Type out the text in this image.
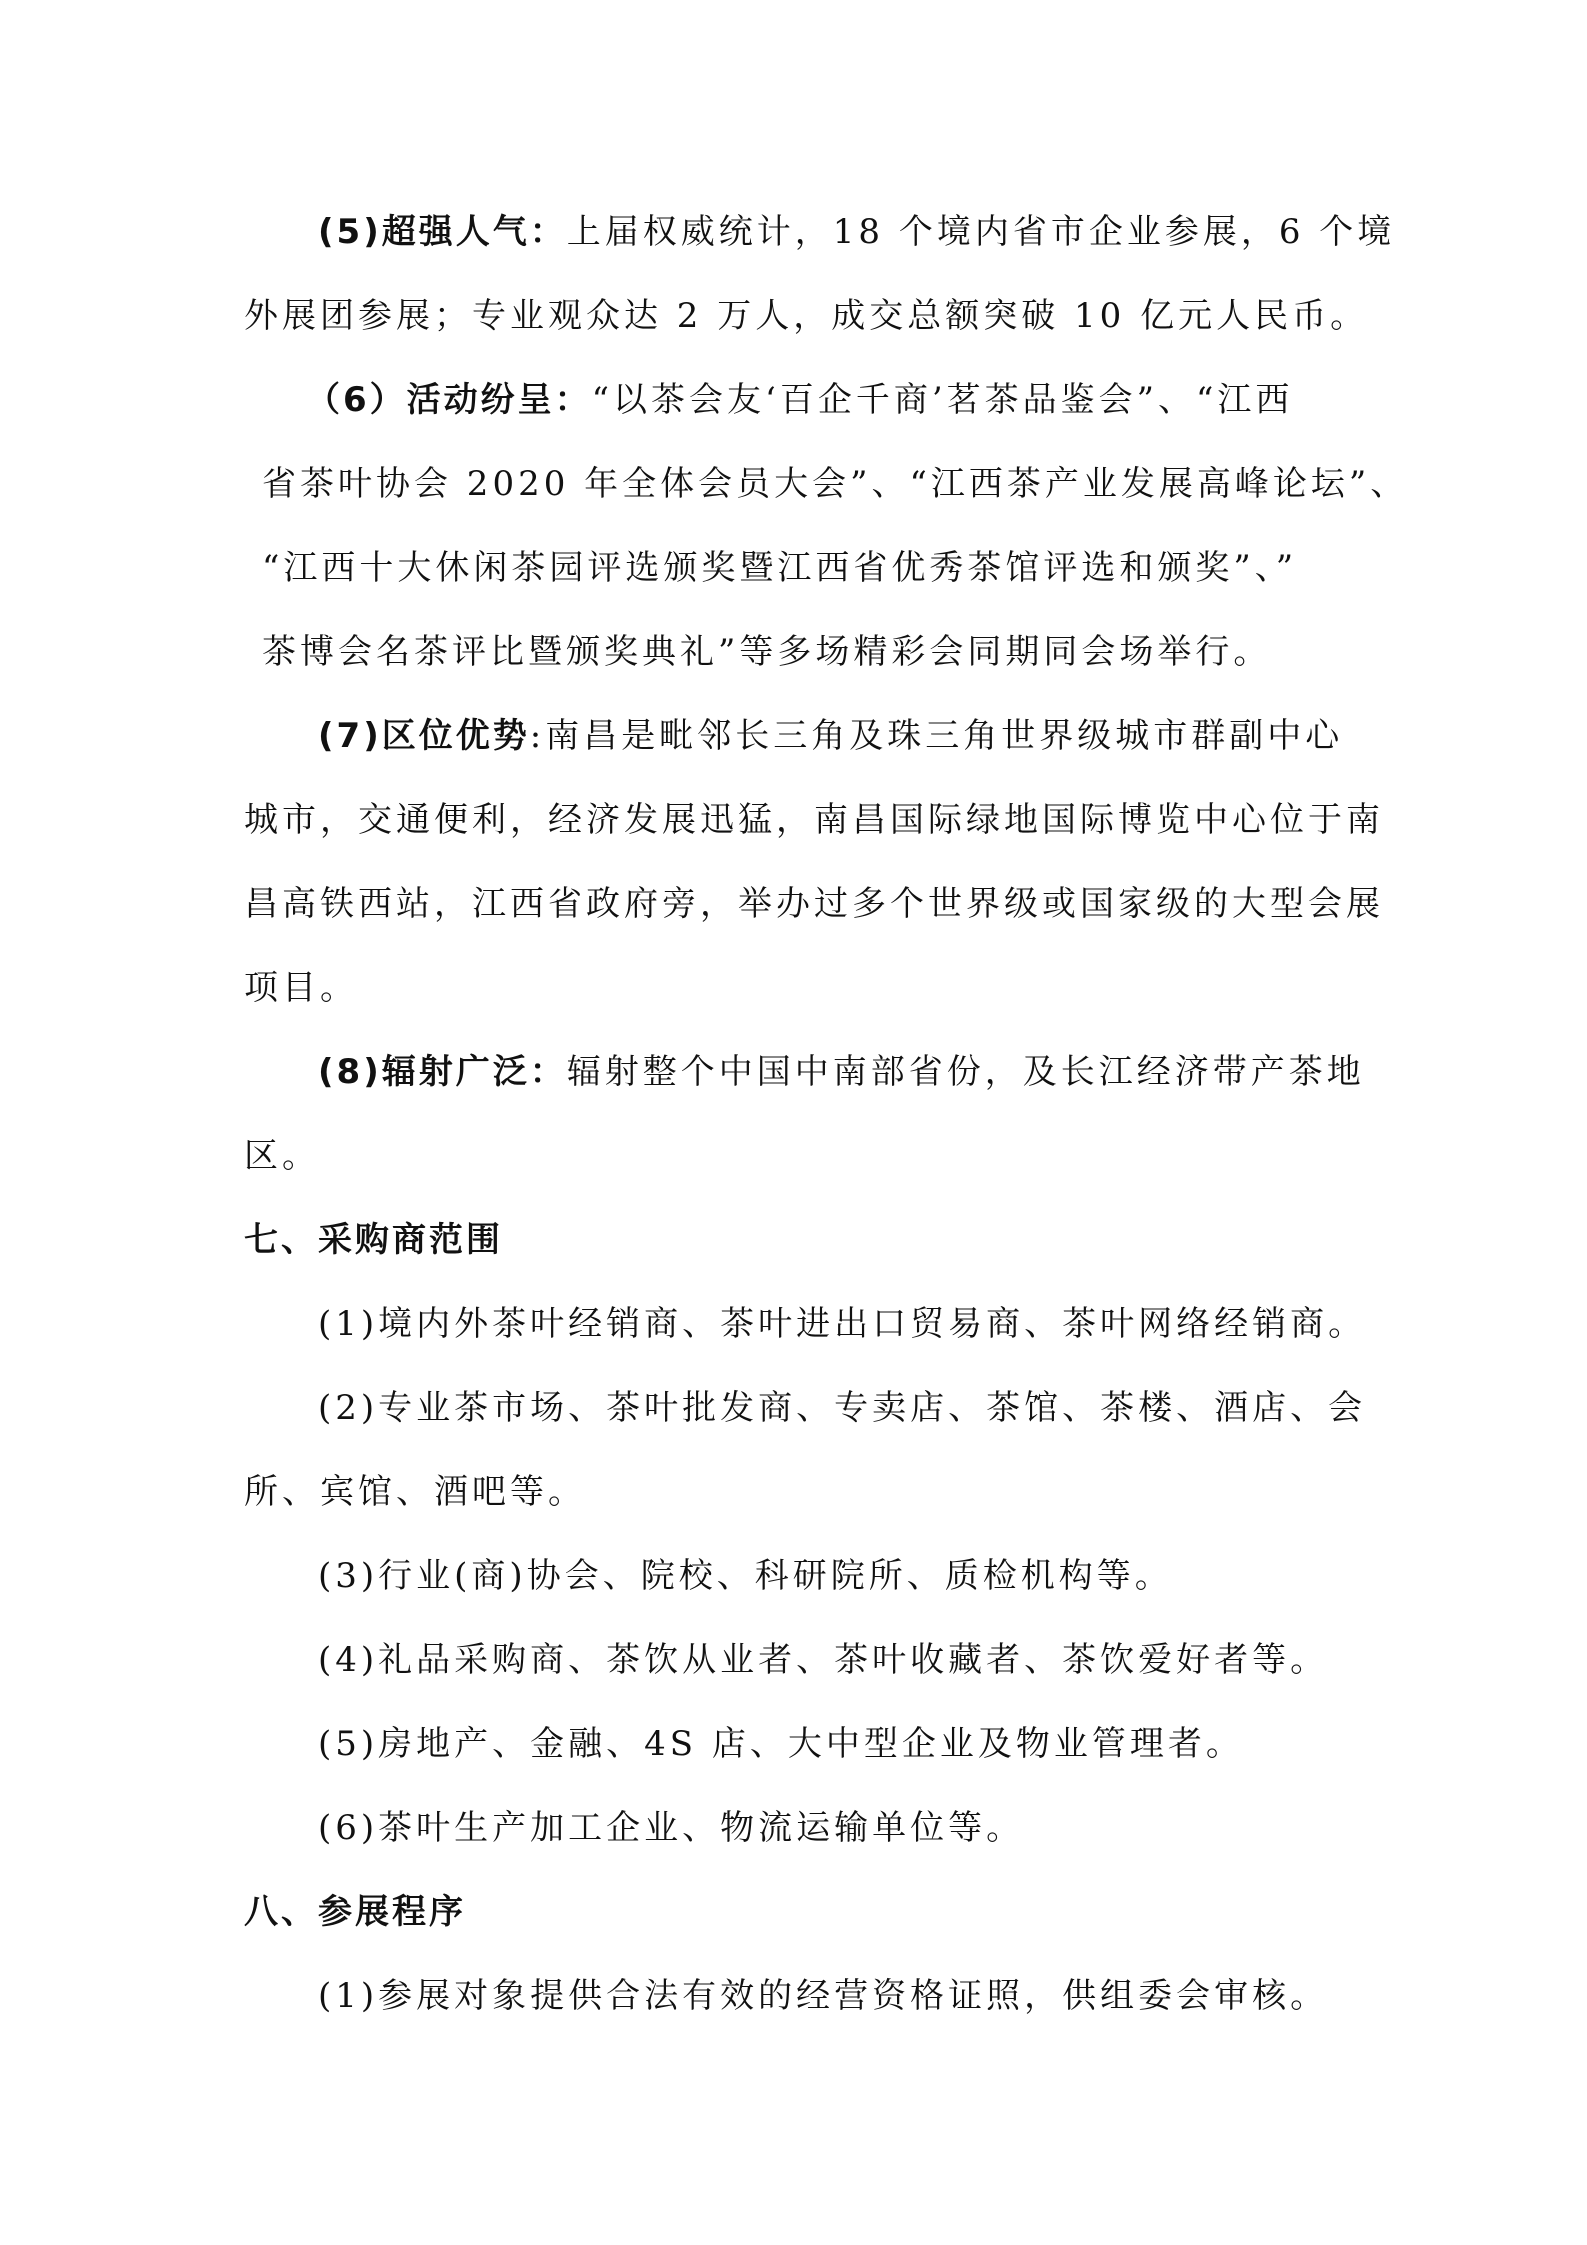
(5)超强人气：上届权威统计，18 个境内省市企业参展，6 个境
外展团参展；专业观众达 2 万人，成交总额突破 10 亿元人民币。
（6）活动纷呈：“以茶会友‘百企千商’茗茶品鉴会”、“江西
省茶叶协会 2020 年全体会员大会”、“江西茶产业发展高峰论坛”、
“江西十大休闲茶园评选颁奖暨江西省优秀茶馆评选和颁奖”、”
茶博会名茶评比暨颁奖典礼”等多场精彩会同期同会场举行。
(7)区位优势:南昌是毗邻长三角及珠三角世界级城市群副中心
城市，交通便利，经济发展迅猛，南昌国际绿地国际博览中心位于南
昌高铁西站，江西省政府旁，举办过多个世界级或国家级的大型会展
项目。
(8)辐射广泛：辐射整个中国中南部省份，及长江经济带产茶地
区。
七、采购商范围
(1)境内外茶叶经销商、茶叶进出口贸易商、茶叶网络经销商。
(2)专业茶市场、茶叶批发商、专卖店、茶馆、茶楼、酒店、会
所、宾馆、酒吧等。
(3)行业(商)协会、院校、科研院所、质检机构等。
(4)礼品采购商、茶饮从业者、茶叶收藏者、茶饮爱好者等。
(5)房地产、金融、4S 店、大中型企业及物业管理者。
(6)茶叶生产加工企业、物流运输单位等。
八、参展程序
(1)参展对象提供合法有效的经营资格证照，供组委会审核。
